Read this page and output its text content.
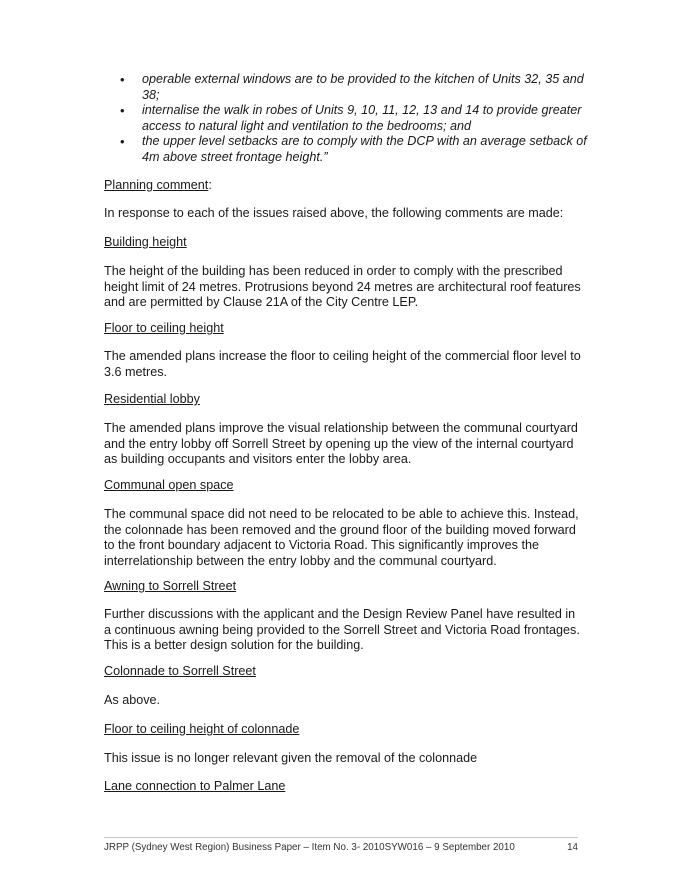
• operable external windows are to be provided to the kitchen of Units 32, 35 and 38;
• internalise the walk in robes of Units 9, 10, 11, 12, 13 and 14 to provide greater access to natural light and ventilation to the bedrooms; and
• the upper level setbacks are to comply with the DCP with an average setback of 4m above street frontage height.”

Planning comment:

In response to each of the issues raised above, the following comments are made:

Building height

The height of the building has been reduced in order to comply with the prescribed height limit of 24 metres. Protrusions beyond 24 metres are architectural roof features and are permitted by Clause 21A of the City Centre LEP.

Floor to ceiling height

The amended plans increase the floor to ceiling height of the commercial floor level to 3.6 metres.

Residential lobby

The amended plans improve the visual relationship between the communal courtyard and the entry lobby off Sorrell Street by opening up the view of the internal courtyard as building occupants and visitors enter the lobby area.

Communal open space

The communal space did not need to be relocated to be able to achieve this. Instead, the colonnade has been removed and the ground floor of the building moved forward to the front boundary adjacent to Victoria Road. This significantly improves the interrelationship between the entry lobby and the communal courtyard.

Awning to Sorrell Street

Further discussions with the applicant and the Design Review Panel have resulted in a continuous awning being provided to the Sorrell Street and Victoria Road frontages. This is a better design solution for the building.

Colonnade to Sorrell Street

As above.

Floor to ceiling height of colonnade

This issue is no longer relevant given the removal of the colonnade

Lane connection to Palmer Lane

JRPP (Sydney West Region) Business Paper – Item No. 3- 2010SYW016 – 9 September 2010	14
